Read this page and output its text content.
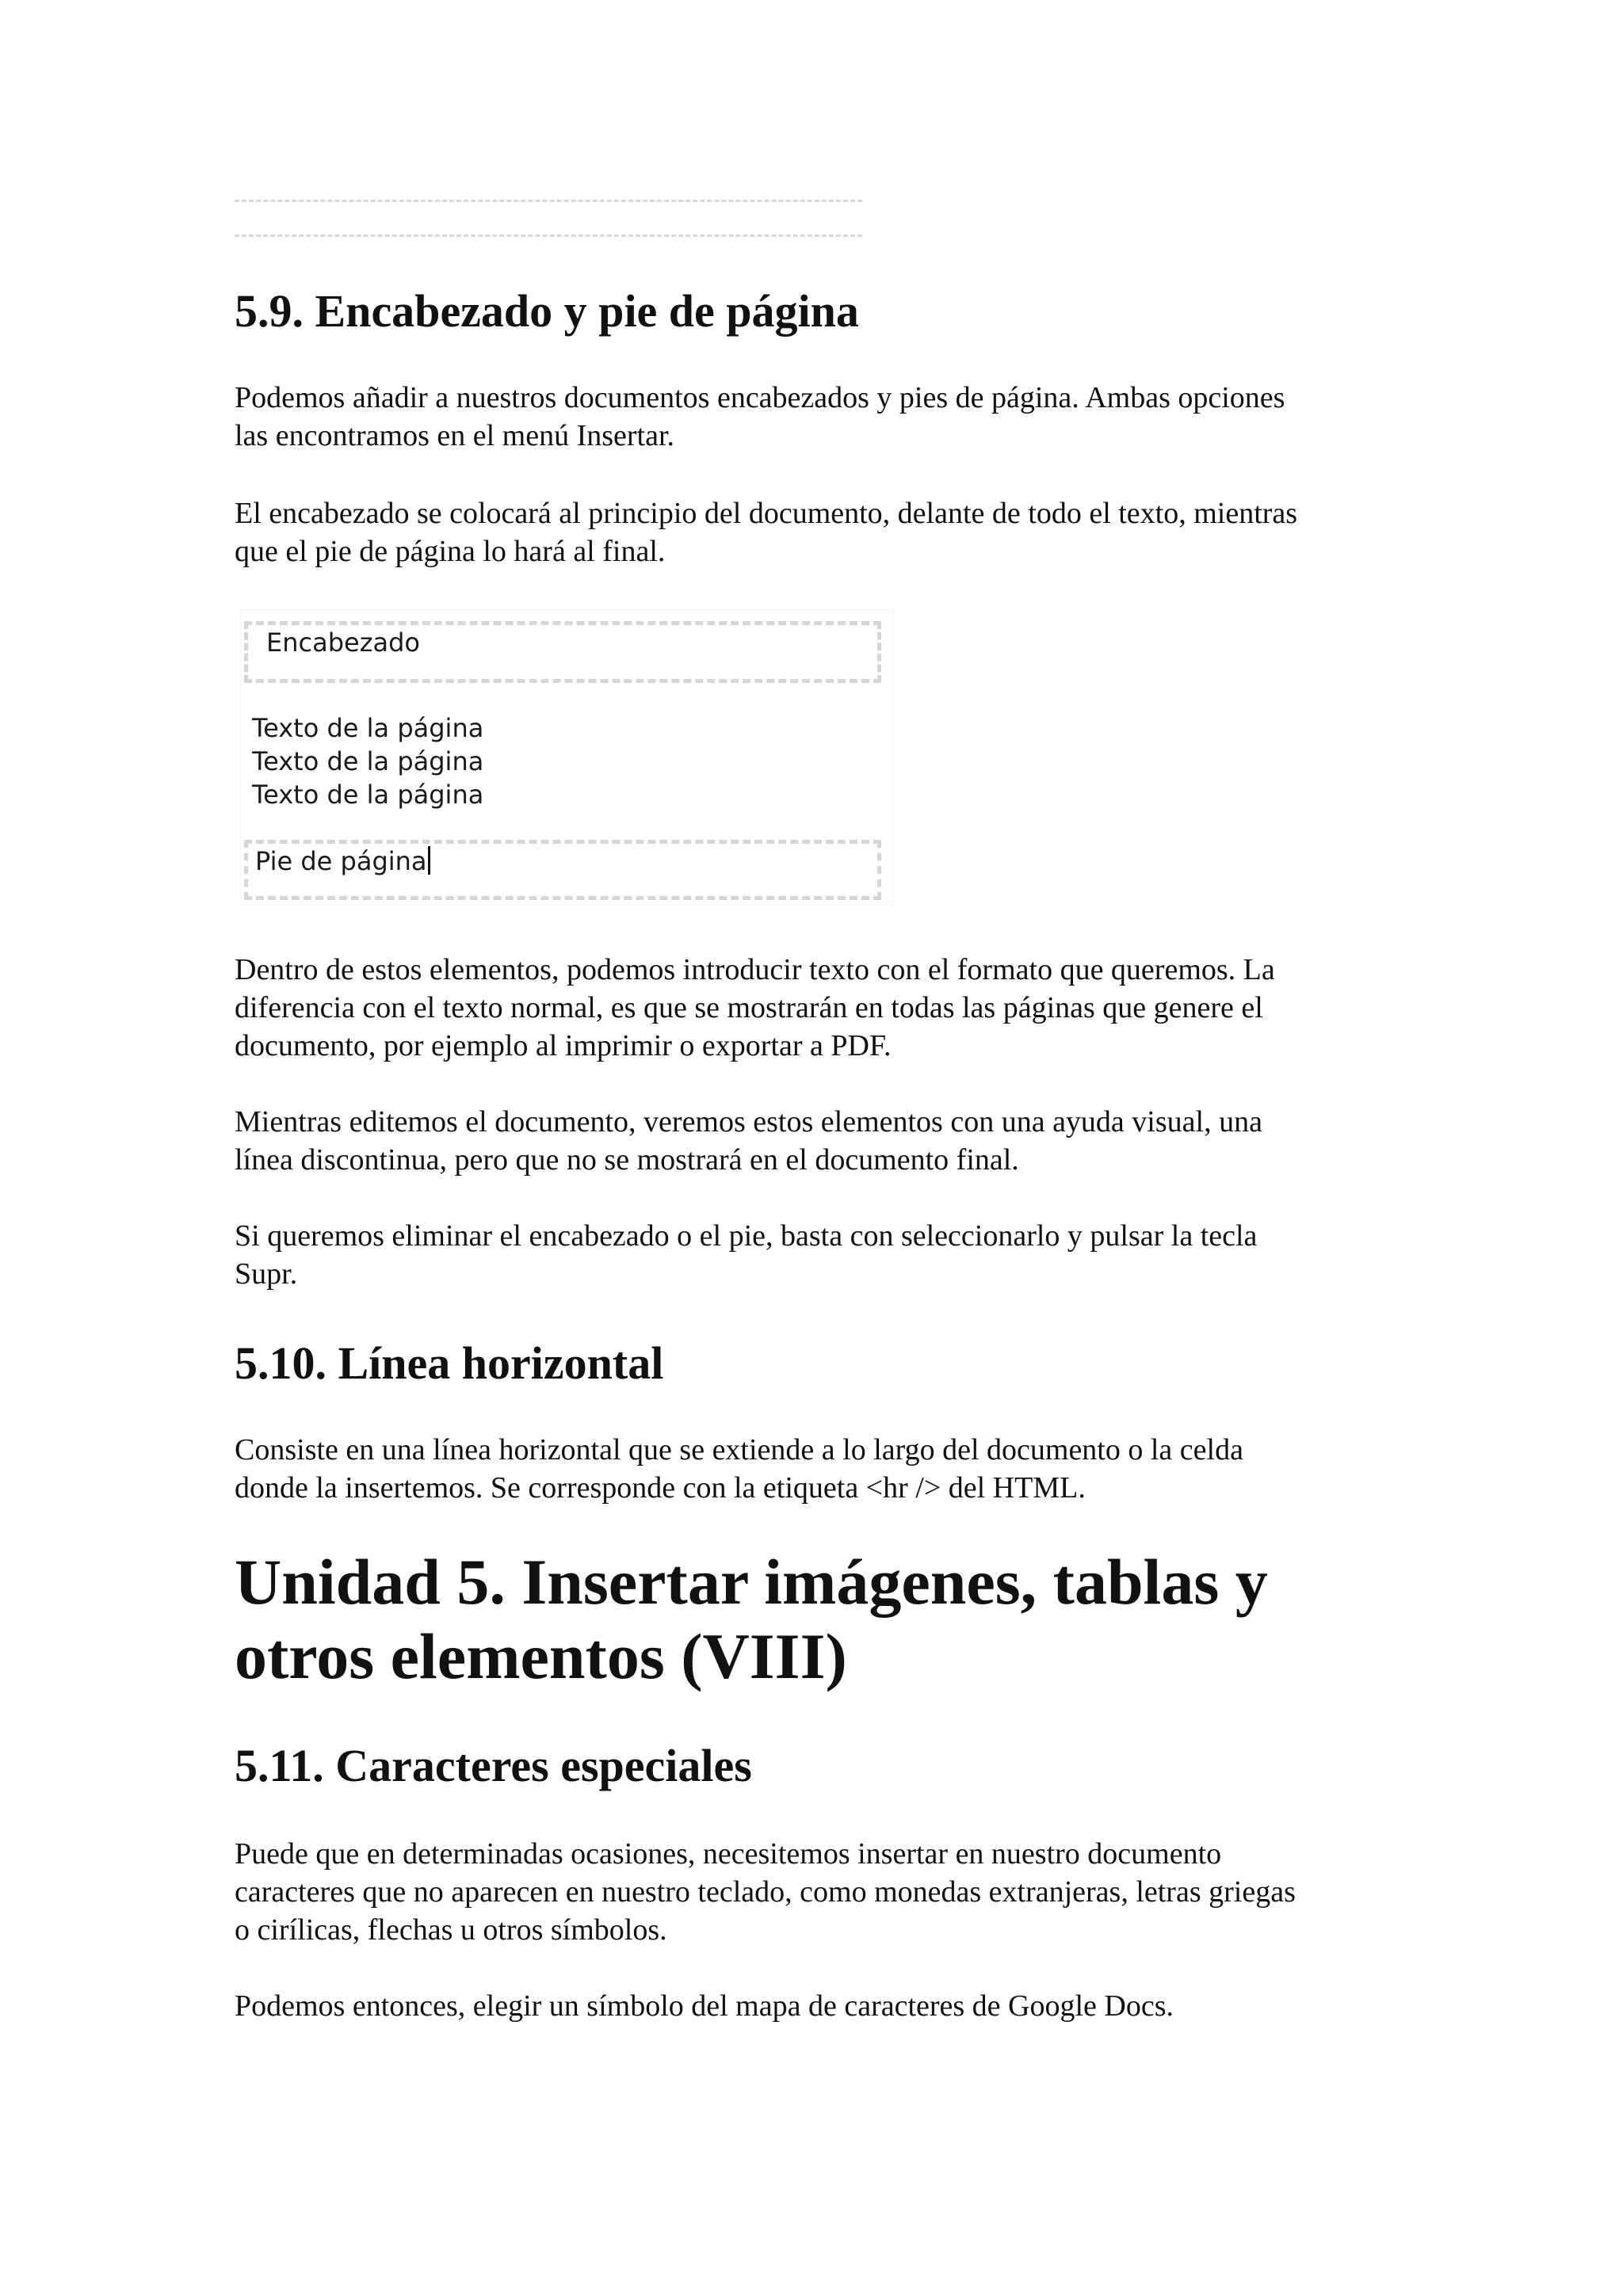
5.9. Encabezado y pie de página

Podemos añadir a nuestros documentos encabezados y pies de página. Ambas opciones
las encontramos en el menú Insertar.

El encabezado se colocará al principio del documento, delante de todo el texto, mientras
que el pie de página lo hará al final.

Encabezado
Texto de la página
Texto de la página
Texto de la página
Pie de página

Dentro de estos elementos, podemos introducir texto con el formato que queremos. La
diferencia con el texto normal, es que se mostrarán en todas las páginas que genere el
documento, por ejemplo al imprimir o exportar a PDF.

Mientras editemos el documento, veremos estos elementos con una ayuda visual, una
línea discontinua, pero que no se mostrará en el documento final.

Si queremos eliminar el encabezado o el pie, basta con seleccionarlo y pulsar la tecla
Supr.

5.10. Línea horizontal

Consiste en una línea horizontal que se extiende a lo largo del documento o la celda
donde la insertemos. Se corresponde con la etiqueta <hr /> del HTML.

Unidad 5. Insertar imágenes, tablas y
otros elementos (VIII)
5.11. Caracteres especiales

Puede que en determinadas ocasiones, necesitemos insertar en nuestro documento
caracteres que no aparecen en nuestro teclado, como monedas extranjeras, letras griegas
o cirílicas, flechas u otros símbolos.

Podemos entonces, elegir un símbolo del mapa de caracteres de Google Docs.
